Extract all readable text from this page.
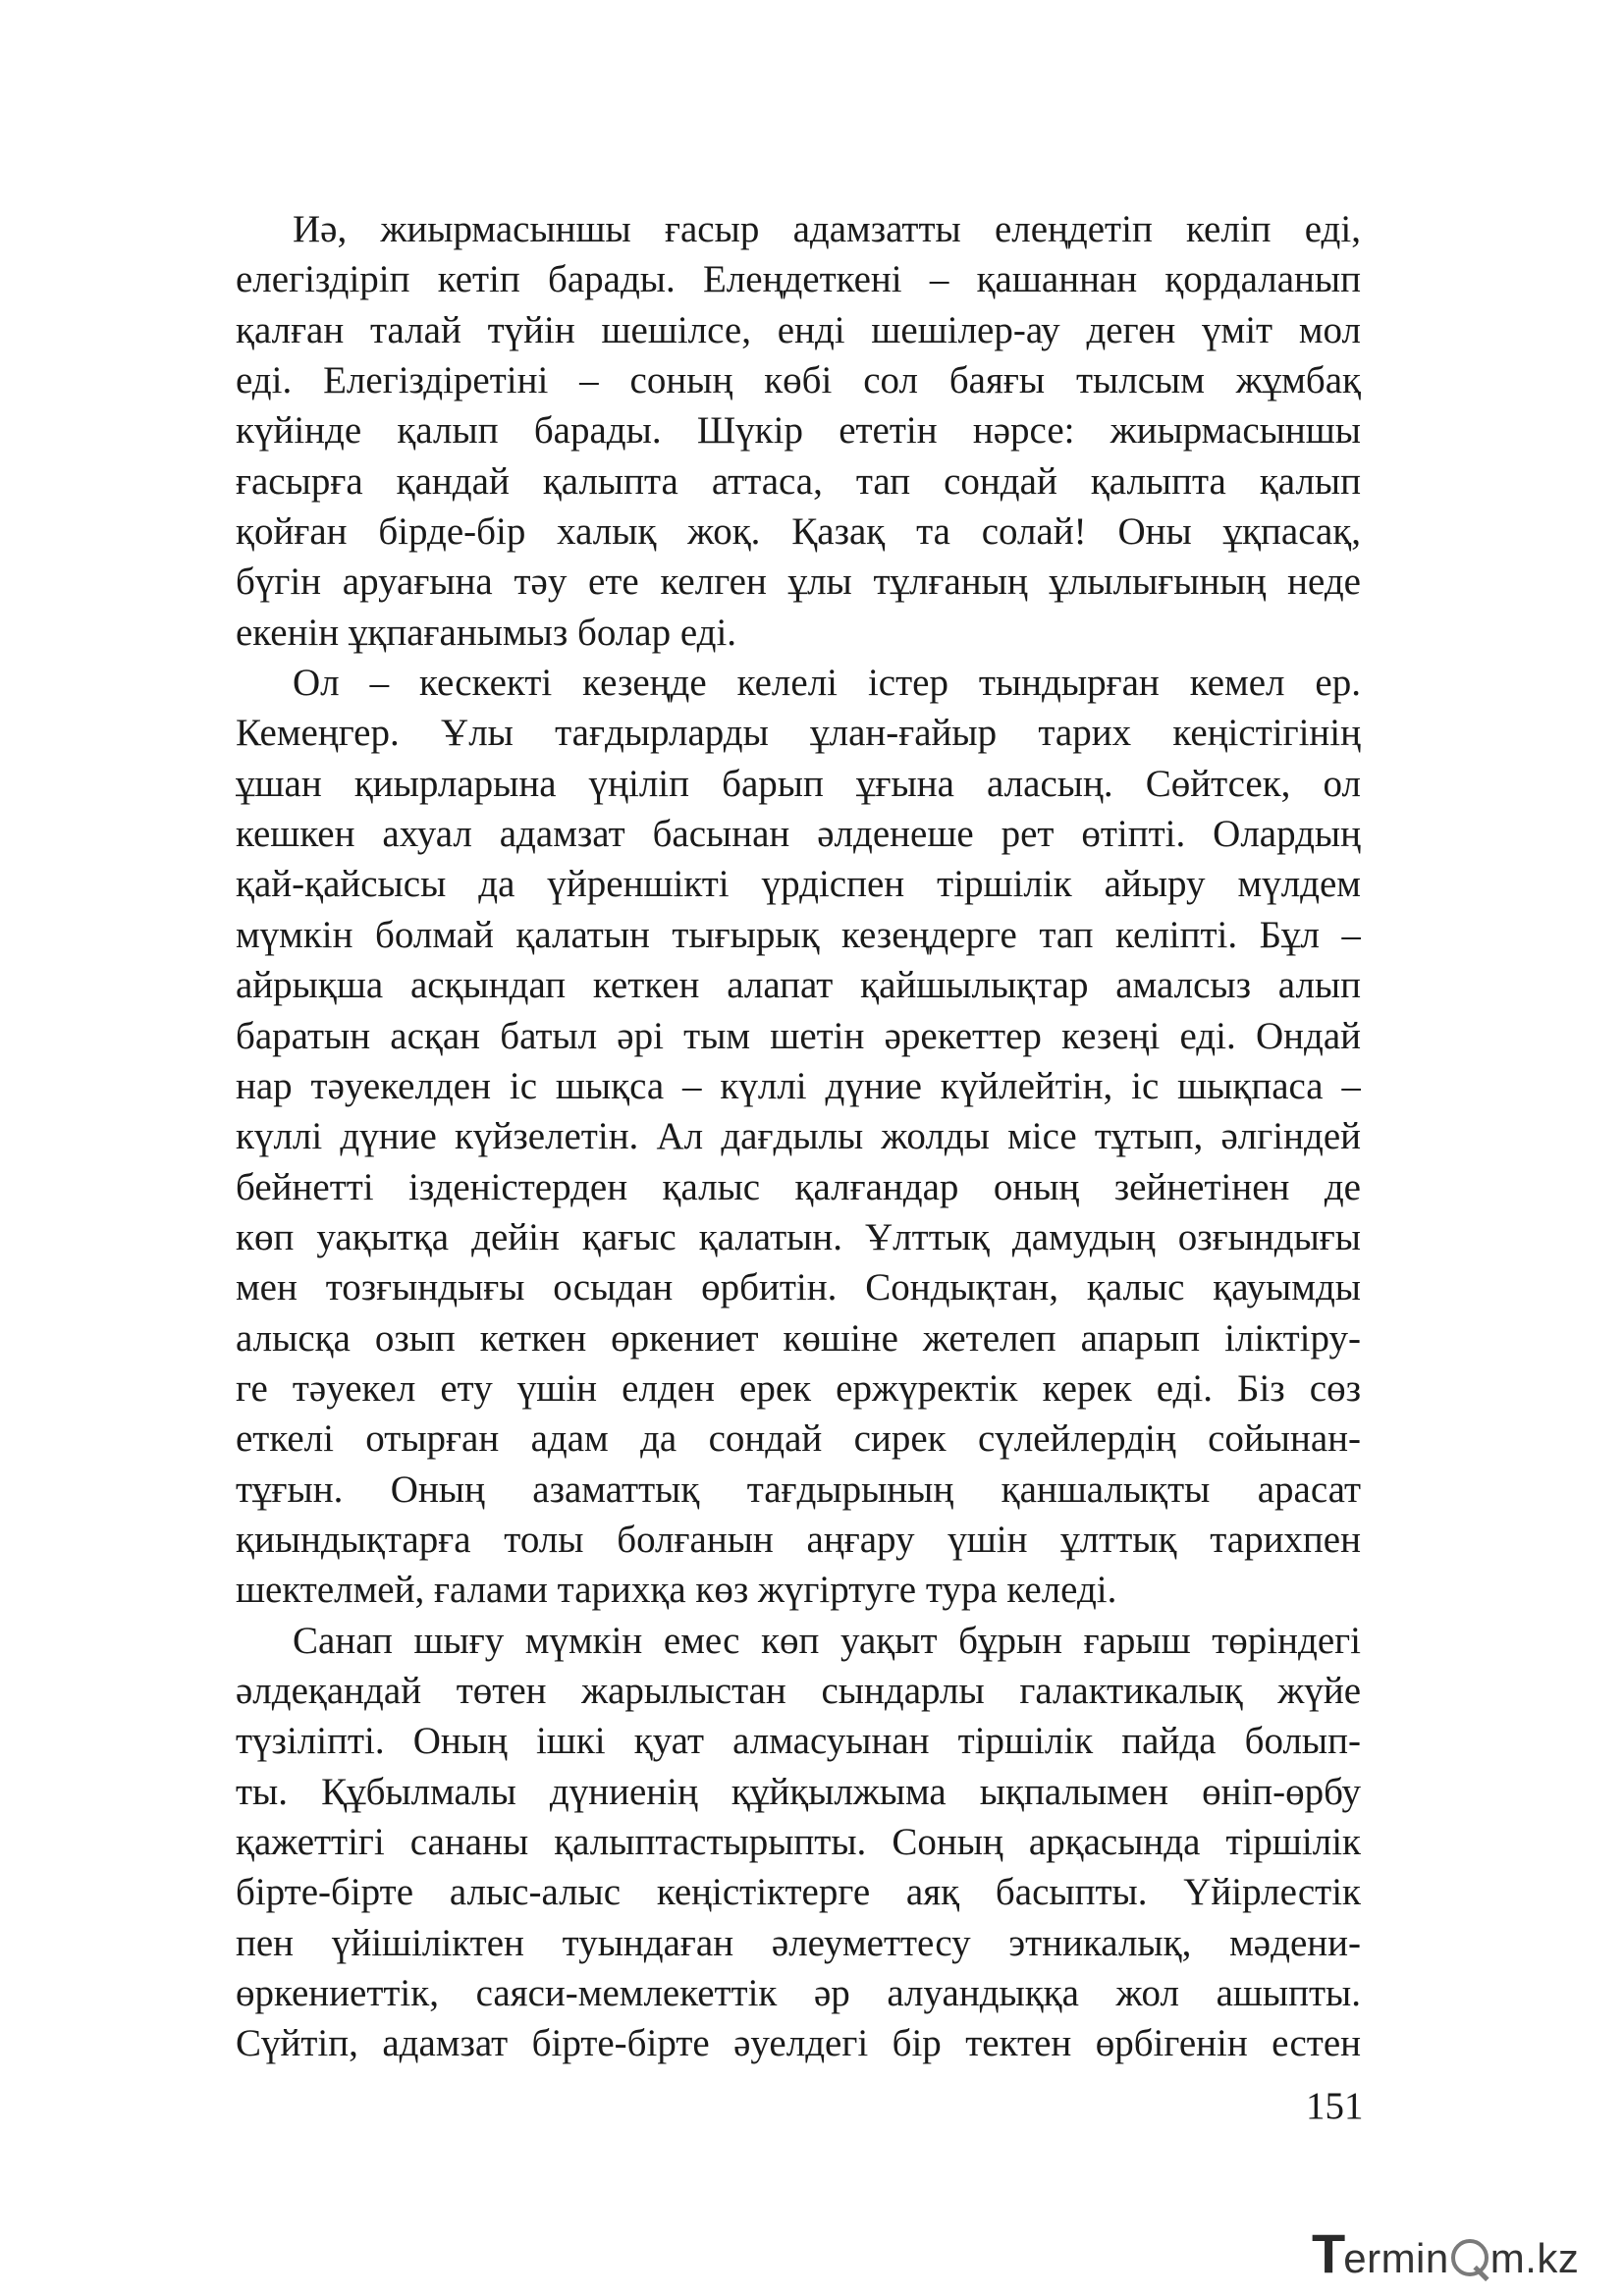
Иә, жиырмасыншы ғасыр адамзатты елеңдетіп келіп еді,
елегіздіріп кетіп барады. Елеңдеткені – қашаннан қордаланып
қалған талай түйін шешілсе, енді шешілер-ау деген үміт мол
еді. Елегіздіретіні – соның көбі сол баяғы тылсым жұмбақ
күйінде қалып барады. Шүкір ететін нәрсе: жиырмасыншы
ғасырға қандай қалыпта аттаса, тап сондай қалыпта қалып
қойған бірде-бір халық жоқ. Қазақ та солай! Оны ұқпасақ,
бүгін аруағына тәу ете келген ұлы тұлғаның ұлылығының неде
екенін ұқпағанымыз болар еді.
Ол – кескекті кезеңде келелі істер тындырған кемел ер.
Кемеңгер. Ұлы тағдырларды ұлан-ғайыр тарих кеңістігінің
ұшан қиырларына үңіліп барып ұғына аласың. Сөйтсек, ол
кешкен ахуал адамзат басынан әлденеше рет өтіпті. Олардың
қай-қайсысы да үйреншікті үрдіспен тіршілік айыру мүлдем
мүмкін болмай қалатын тығырық кезеңдерге тап келіпті. Бұл –
айрықша асқындап кеткен алапат қайшылықтар амалсыз алып
баратын асқан батыл әрі тым шетін әрекеттер кезеңі еді. Ондай
нар тәуекелден іс шықса – күллі дүние күйлейтін, іс шықпаса –
күллі дүние күйзелетін. Ал дағдылы жолды місе тұтып, әлгіндей
бейнетті ізденістерден қалыс қалғандар оның зейнетінен де
көп уақытқа дейін қағыс қалатын. Ұлттық дамудың озғындығы
мен тозғындығы осыдан өрбитін. Сондықтан, қалыс қауымды
алысқа озып кеткен өркениет көшіне жетелеп апарып іліктіру-
ге тәуекел ету үшін елден ерек ержүректік керек еді. Біз сөз
еткелі отырған адам да сондай сирек сүлейлердің сойынан-
тұғын. Оның азаматтық тағдырының қаншалықты арасат
қиындықтарға толы болғанын аңғару үшін ұлттық тарихпен
шектелмей, ғалами тарихқа көз жүгіртуге тура келеді.
Санап шығу мүмкін емес көп уақыт бұрын ғарыш төріндегі
әлдеқандай төтен жарылыстан сындарлы галактикалық жүйе
түзіліпті. Оның ішкі қуат алмасуынан тіршілік пайда болып-
ты. Құбылмалы дүниенің құйқылжыма ықпалымен өніп-өрбу
қажеттігі сананы қалыптастырыпты. Соның арқасында тіршілік
бірте-бірте алыс-алыс кеңістіктерге аяқ басыпты. Үйірлестік
пен үйішіліктен туындаған әлеуметтесу этникалық, мәдени-
өркениеттік, саяси-мемлекеттік әр алуандыққа жол ашыпты.
Сүйтіп, адамзат бірте-бірте әуелдегі бір тектен өрбігенін естен
151
Termin m.kz
